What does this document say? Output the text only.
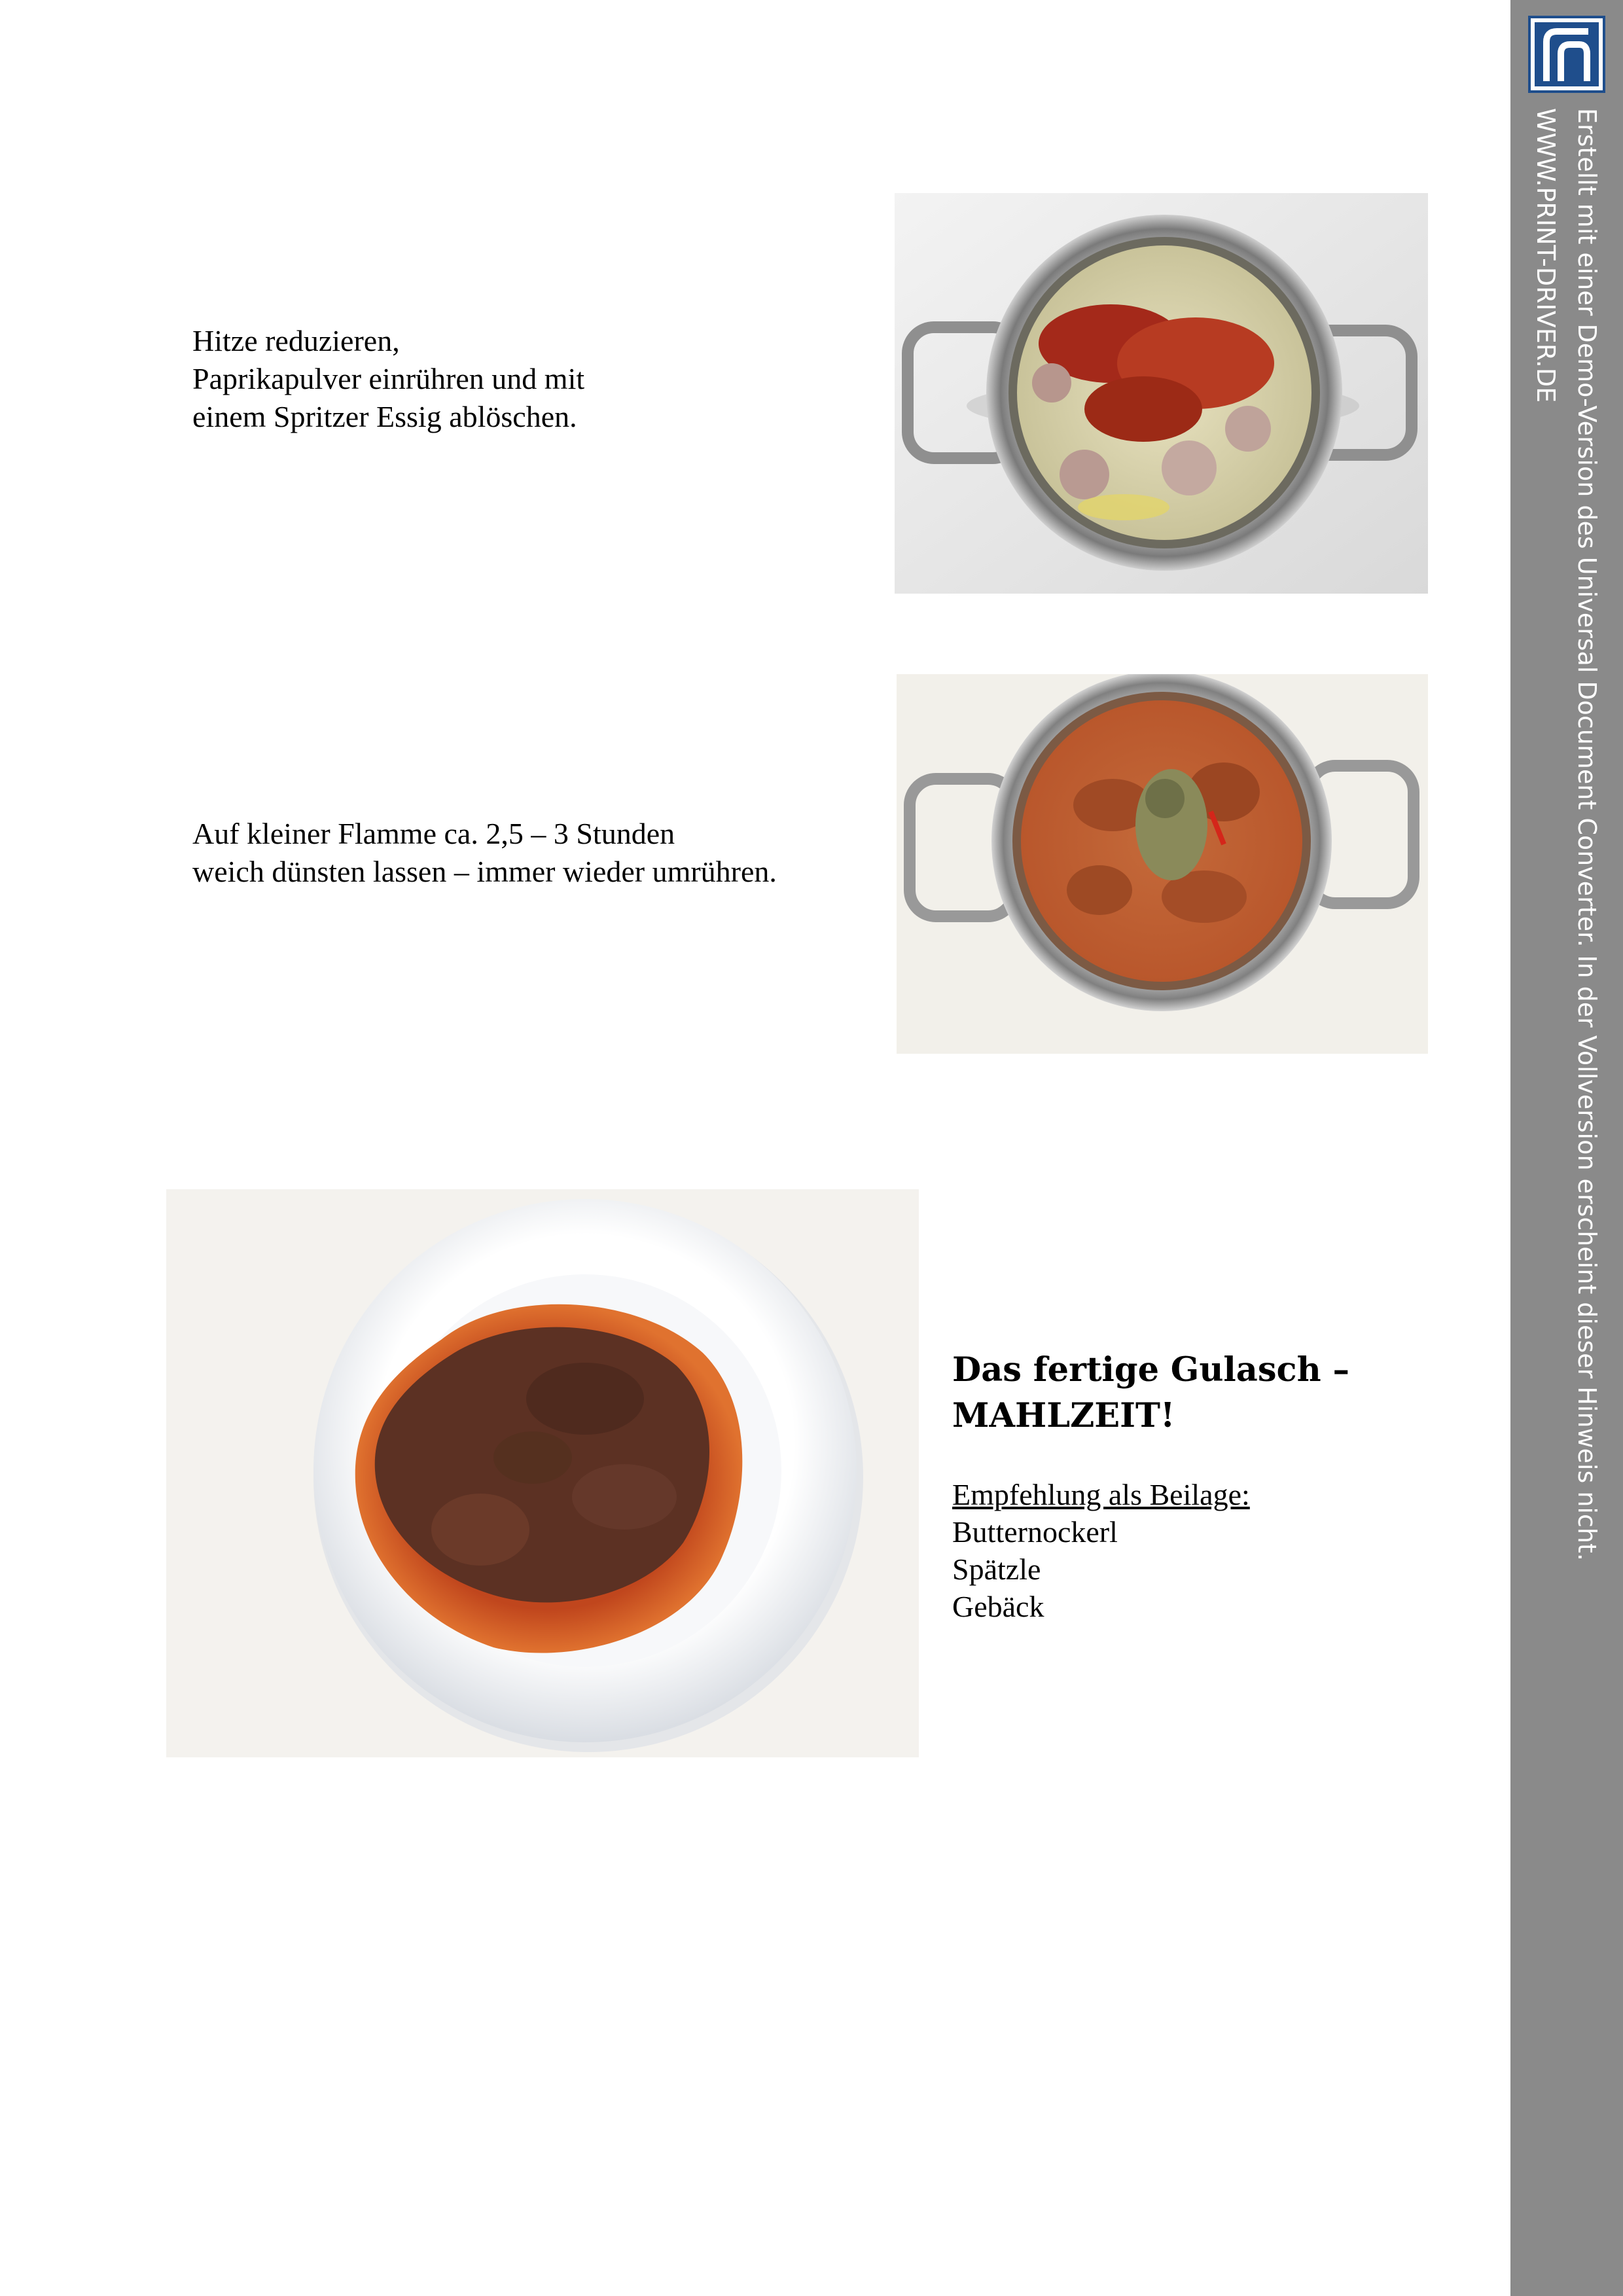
Hitze reduzieren,
Paprikapulver einrühren und mit
einem Spritzer Essig ablöschen.
Auf kleiner Flamme ca. 2,5 – 3 Stunden
weich dünsten lassen – immer wieder umrühren.
Das fertige Gulasch –
MAHLZEIT!
Empfehlung als Beilage:
Butternockerl
Spätzle
Gebäck
Erstellt mit einer Demo-Version des Universal Document Converter. In der Vollversion erscheint dieser Hinweis nicht.
WWW.PRINT-DRIVER.DE
